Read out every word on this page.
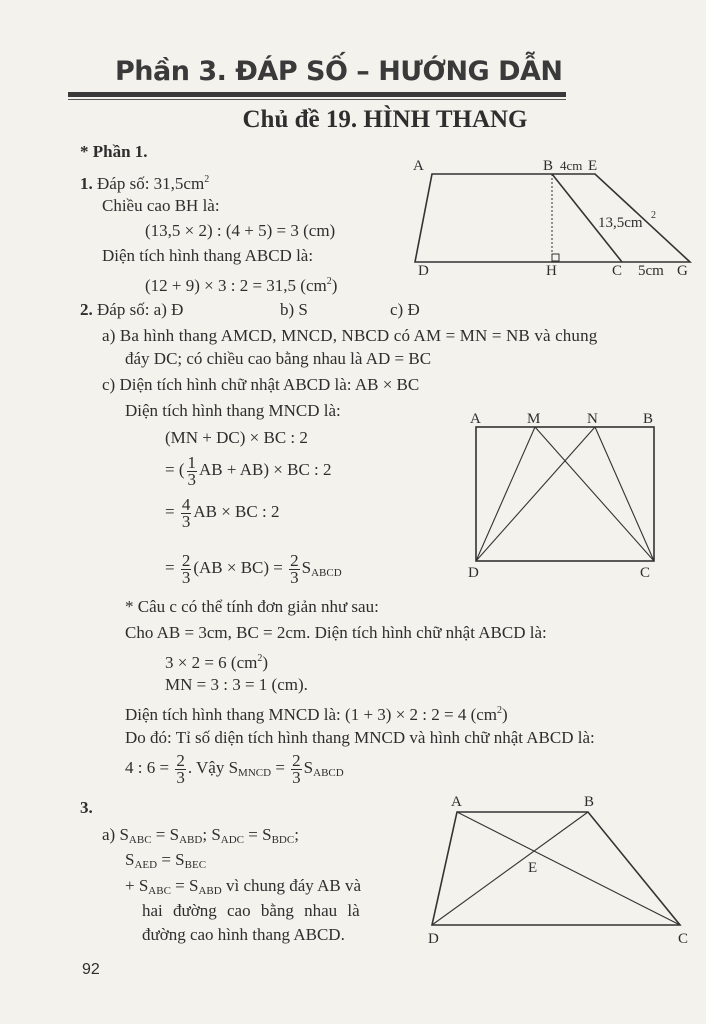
Phần 3. ĐÁP SỐ – HƯỚNG DẪN
Chủ đề 19. HÌNH THANG
* Phần 1.
1. Đáp số: $31,5cm^2$
Chiều cao BH là:
(13,5 × 2) : (4 + 5) = 3 (cm)
Diện tích hình thang ABCD là:
(12 + 9) × 3 : 2 = 31,5 $(cm^2)$
A	B 4cm E
D	H	C 5cm G
13,5cm 2
A	M	N	B
D	C
A	B
E
D	C
2. Đáp số: a) Đ	b) S	c) Đ
a) Ba hình thang AMCD, MNCD, NBCD có AM = MN = NB và chung
đáy DC; có chiều cao bằng nhau là AD = BC
c) Diện tích hình chữ nhật ABCD là: AB × BC
Diện tích hình thang MNCD là:
(MN + DC) × BC : 2
= ( $\frac{1}{3}$ AB + AB) × BC : 2
= $\frac{4}{3}$ AB × BC : 2
= $\frac{2}{3} (AB \times BC) = \frac{2}{3} S_{ABCD}$
* Câu c có thể tính đơn giản như sau:
Cho AB = 3cm, BC = 2cm. Diện tích hình chữ nhật ABCD là:
3 × 2 = 6 $(cm^2)$
MN = 3 : 3 = 1 (cm).
Diện tích hình thang MNCD là: (1 + 3) × 2 : 2 = 4 $(cm^2)$
Do đó: Tỉ số diện tích hình thang MNCD và hình chữ nhật ABCD là:
4 : $6 = \frac{2}{3}$ . Vậy $S_{MNCD} = \frac{2}{3} S_{ABCD}$
3.
a) $S_{ABC} = S_{ABD}$; $S_{ADC} = S_{BDC}$;
$S_{AED} = S_{BEC}$
+ $S_{ABC} = S_{ABD}$ vì chung đáy AB và
hai đường cao bằng nhau là
đường cao hình thang ABCD.
92
